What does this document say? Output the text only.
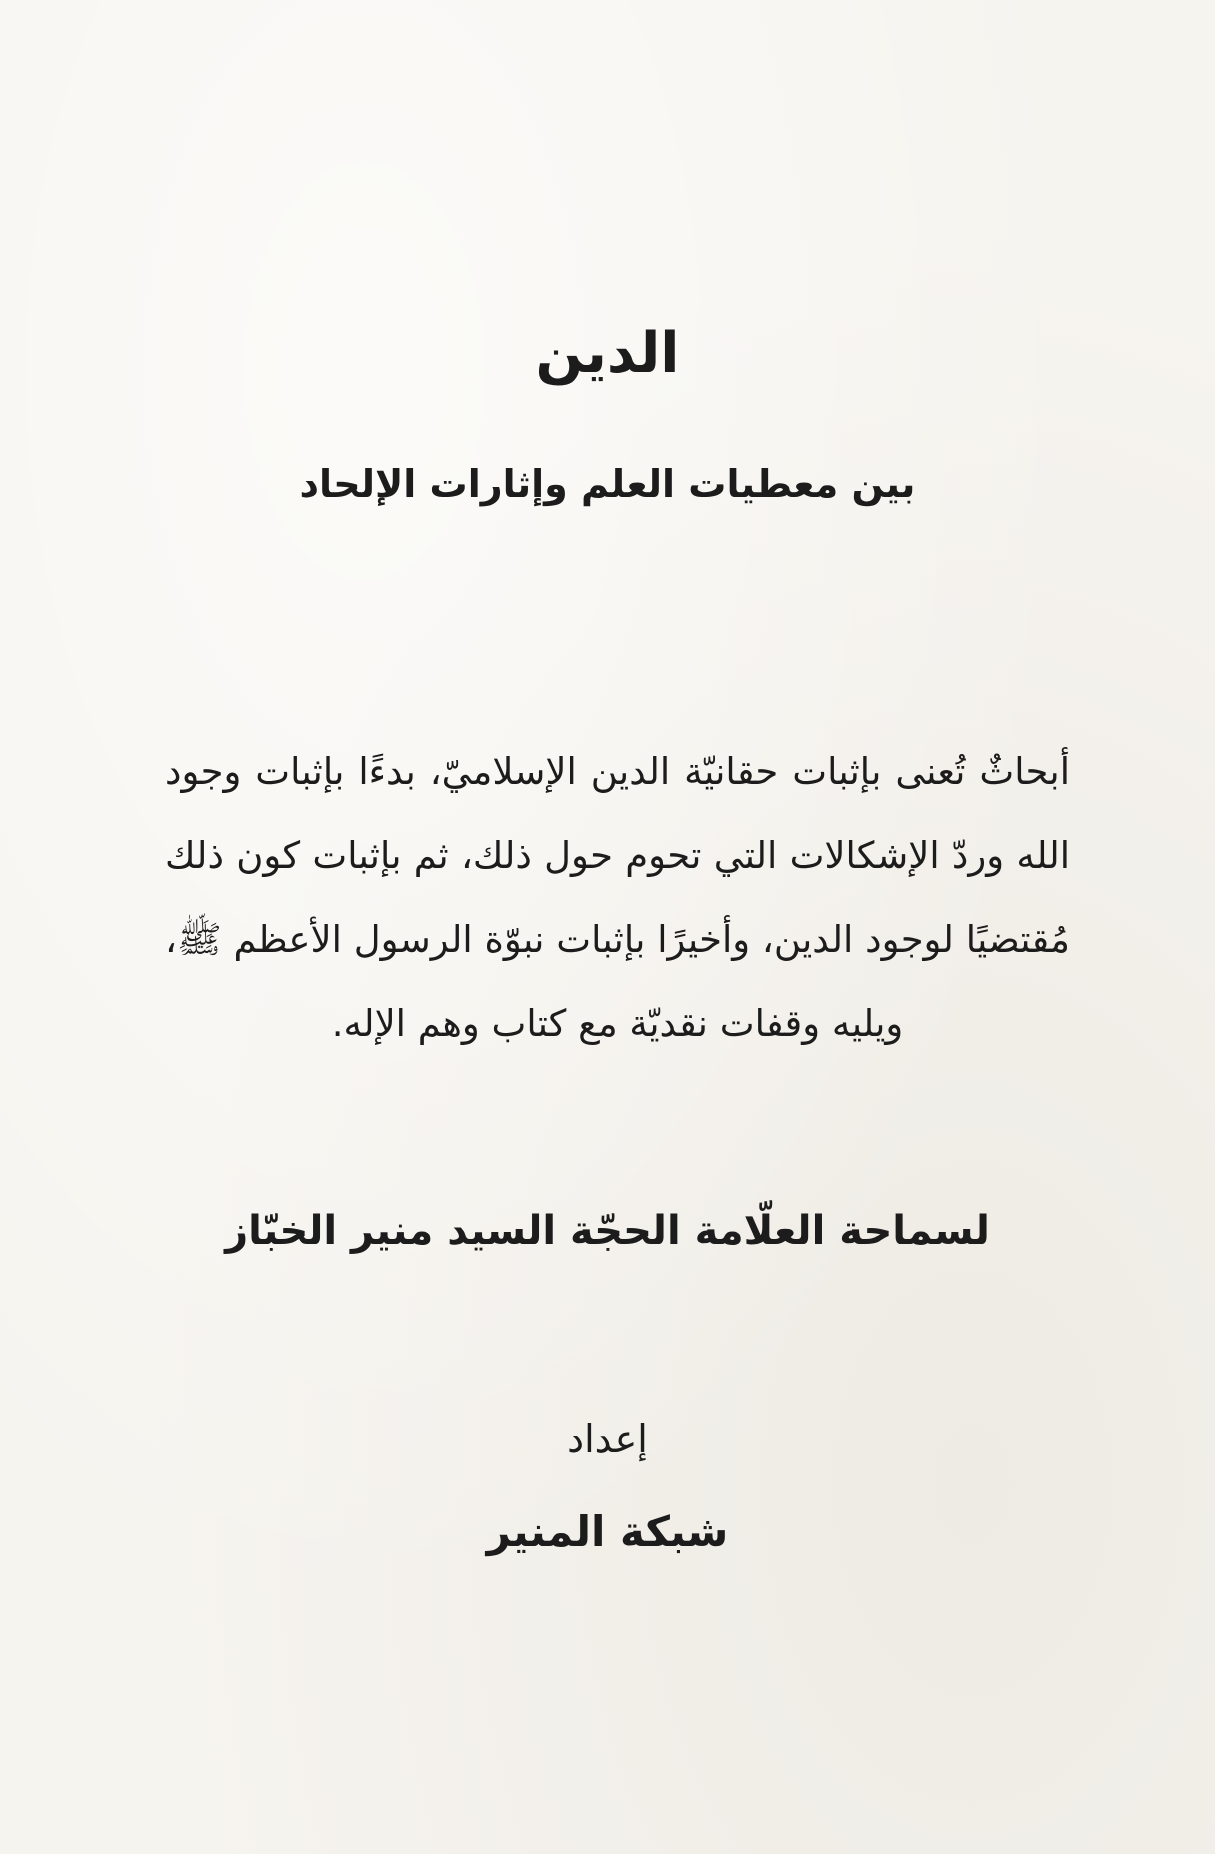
الدين
بين معطيات العلم وإثارات الإلحاد
أبحاثٌ تُعنى بإثبات حقانيّة الدين الإسلاميّ، بدءًا بإثبات وجود الله وردّ الإشكالات التي تحوم حول ذلك، ثم بإثبات كون ذلك مُقتضيًا لوجود الدين، وأخيرًا بإثبات نبوّة الرسول الأعظم ﷺ، ويليه وقفات نقديّة مع كتاب وهم الإله.
لسماحة العلّامة الحجّة السيد منير الخبّاز
إعداد
شبكة المنير
